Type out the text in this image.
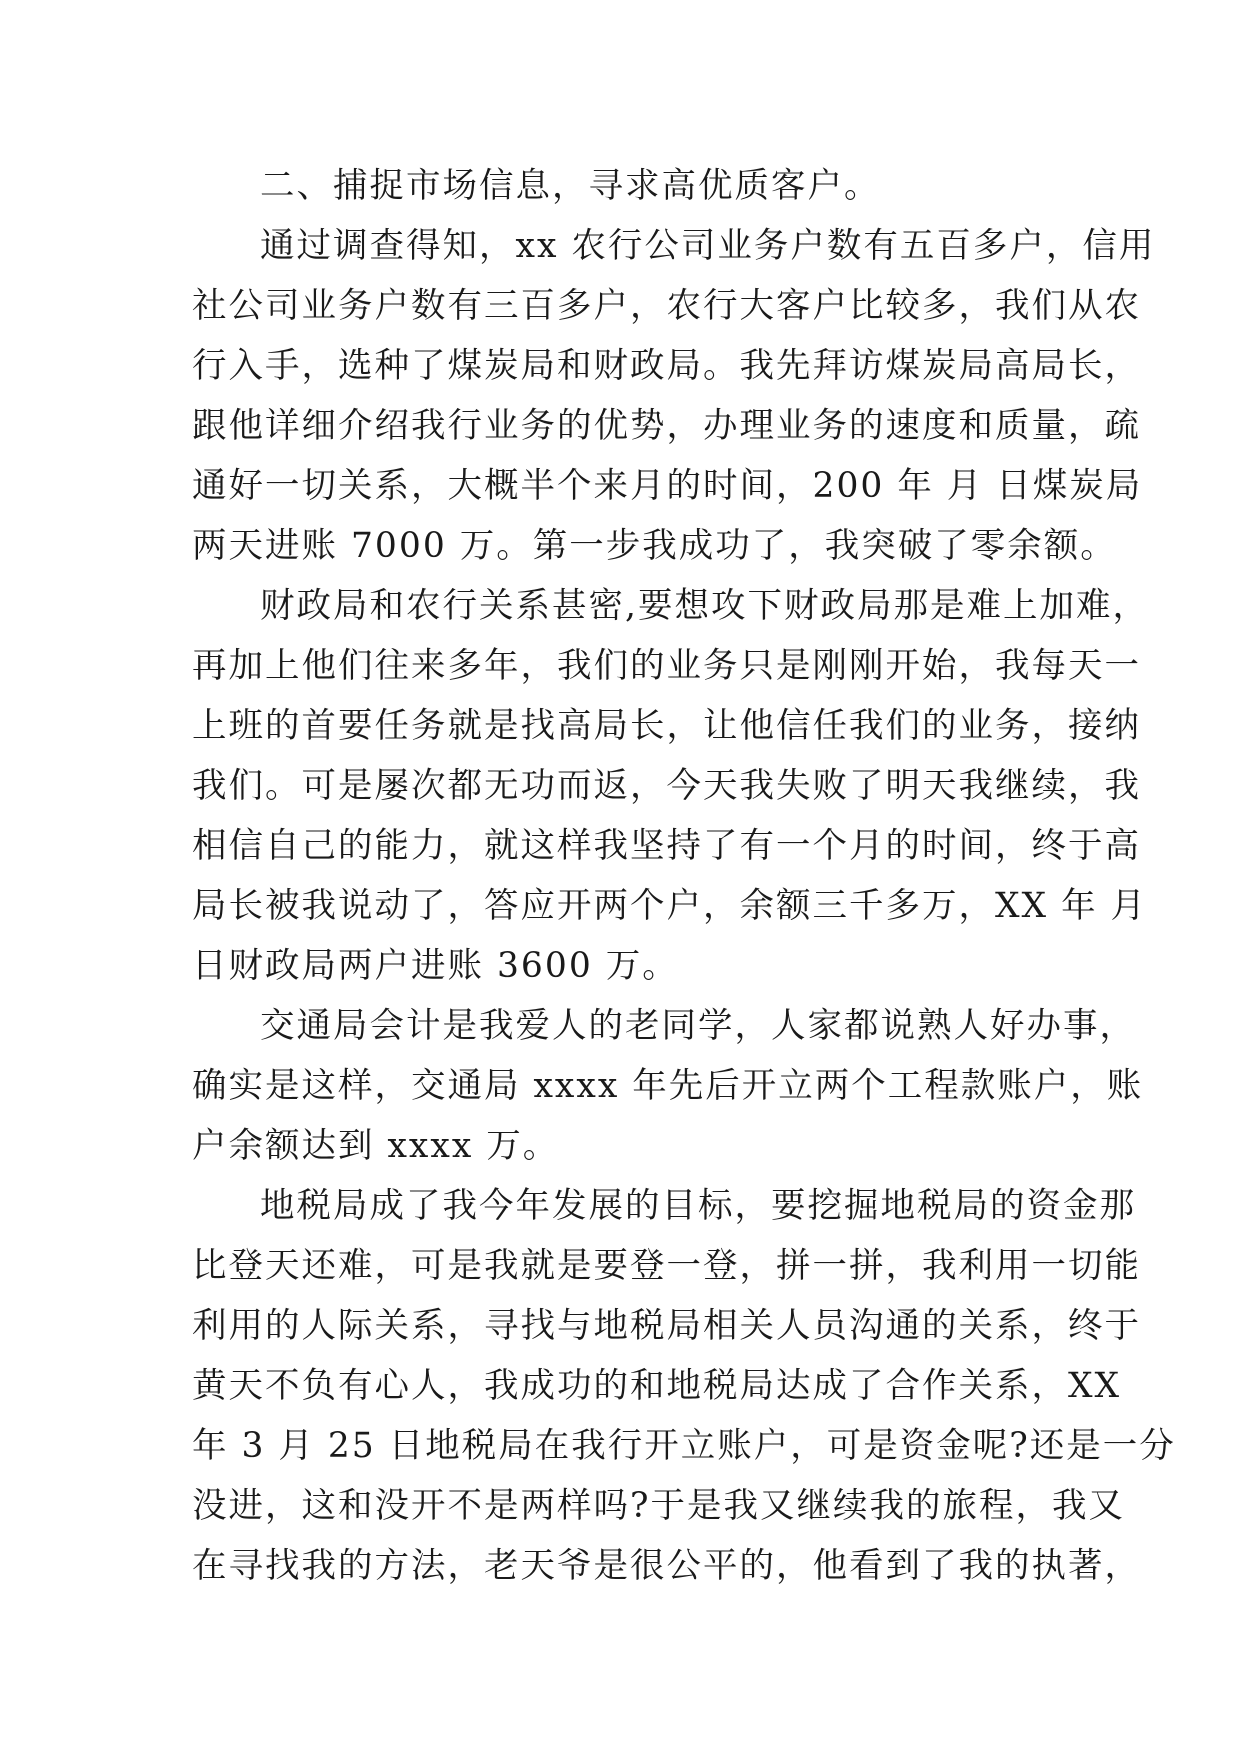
二、捕捉市场信息，寻求高优质客户。
通过调查得知，xx 农行公司业务户数有五百多户，信用
社公司业务户数有三百多户，农行大客户比较多，我们从农
行入手，选种了煤炭局和财政局。我先拜访煤炭局高局长，
跟他详细介绍我行业务的优势，办理业务的速度和质量，疏
通好一切关系，大概半个来月的时间，200 年 月 日煤炭局
两天进账 7000 万。第一步我成功了，我突破了零余额。
财政局和农行关系甚密,要想攻下财政局那是难上加难，
再加上他们往来多年，我们的业务只是刚刚开始，我每天一
上班的首要任务就是找高局长，让他信任我们的业务，接纳
我们。可是屡次都无功而返，今天我失败了明天我继续，我
相信自己的能力，就这样我坚持了有一个月的时间，终于高
局长被我说动了，答应开两个户，余额三千多万，XX 年 月
日财政局两户进账 3600 万。
交通局会计是我爱人的老同学，人家都说熟人好办事，
确实是这样，交通局 xxxx 年先后开立两个工程款账户，账
户余额达到 xxxx 万。
地税局成了我今年发展的目标，要挖掘地税局的资金那
比登天还难，可是我就是要登一登，拼一拼，我利用一切能
利用的人际关系，寻找与地税局相关人员沟通的关系，终于
黄天不负有心人，我成功的和地税局达成了合作关系，XX
年 3 月 25 日地税局在我行开立账户，可是资金呢?还是一分
没进，这和没开不是两样吗?于是我又继续我的旅程，我又
在寻找我的方法，老天爷是很公平的，他看到了我的执著，
